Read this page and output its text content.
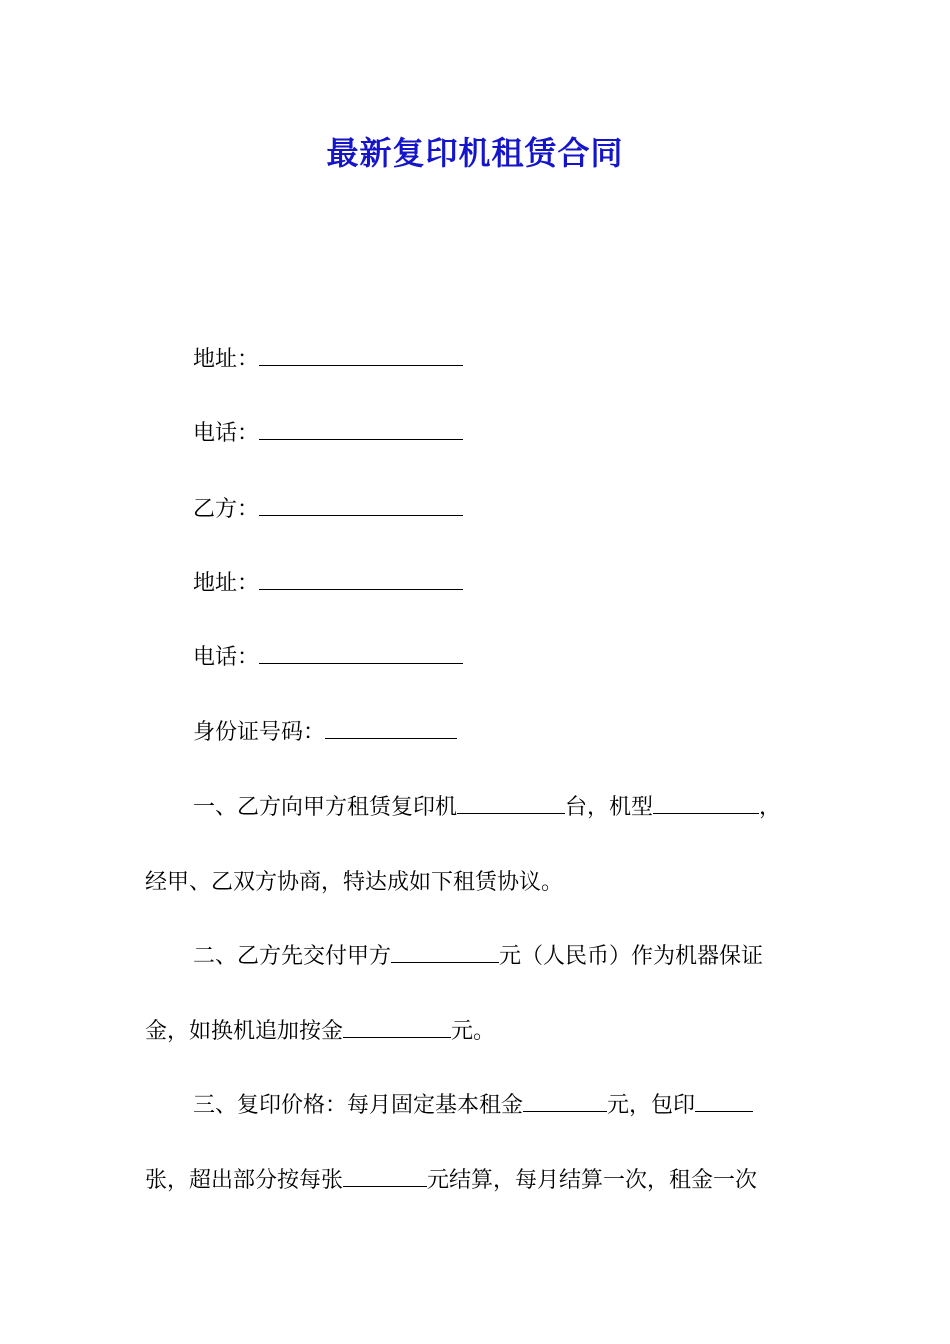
最新复印机租赁合同

地址：

电话：

乙方：

地址：

电话：

身份证号码：

一、乙方向甲方租赁复印机	台，机型	，

经甲、乙双方协商，特达成如下租赁协议。

二、乙方先交付甲方	元（人民币）作为机器保证

金，如换机追加按金	元。

三、复印价格：每月固定基本租金	元，包印

张，超出部分按每张	元结算，每月结算一次，租金一次
